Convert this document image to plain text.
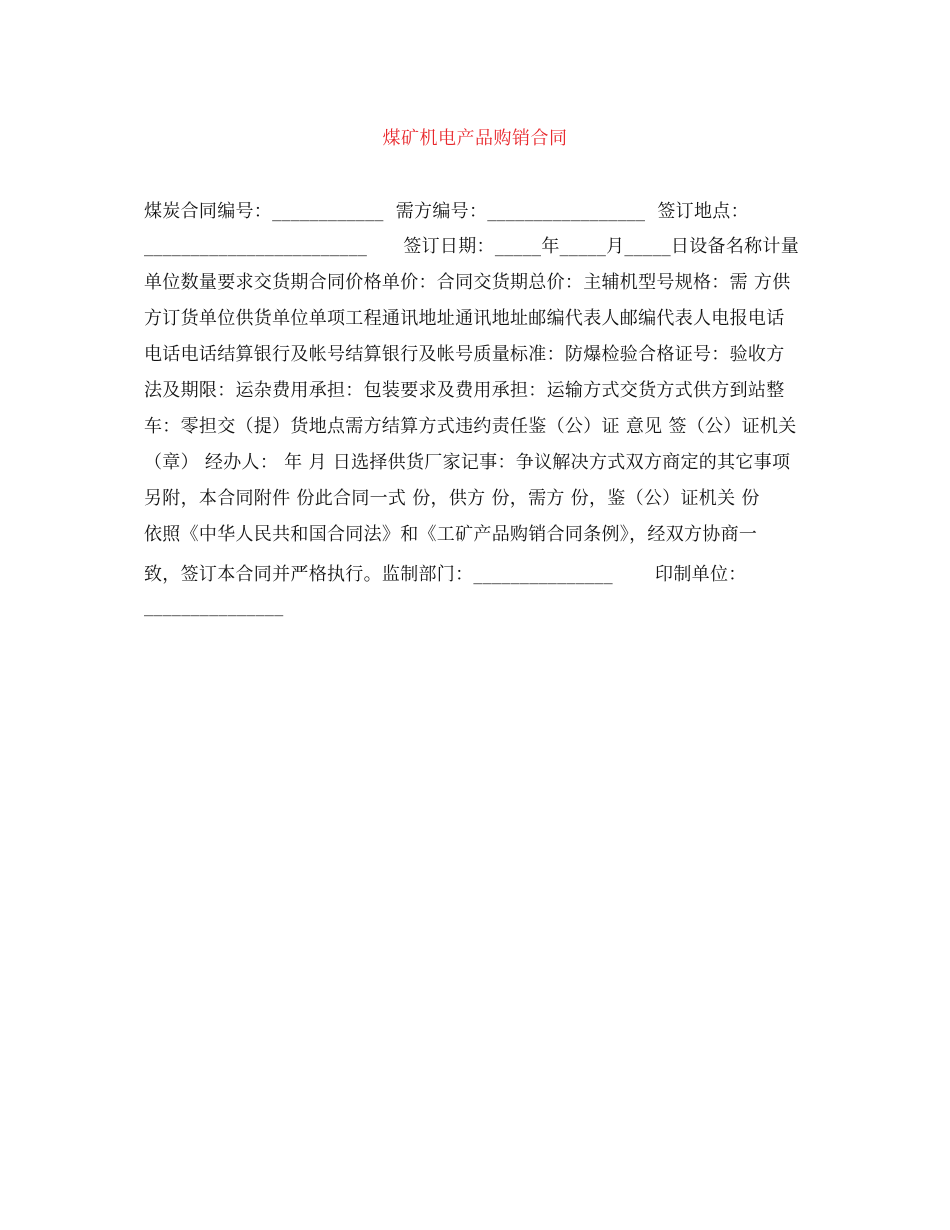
煤矿机电产品购销合同
煤炭合同编号：____________  需方编号：_________________  签订地点：
________________________      签订日期：_____年_____月_____日设备名称计量
单位数量要求交货期合同价格单价：合同交货期总价：主辅机型号规格：需 方供
方订货单位供货单位单项工程通讯地址通讯地址邮编代表人邮编代表人电报电话
电话电话结算银行及帐号结算银行及帐号质量标准：防爆检验合格证号：验收方
法及期限：运杂费用承担：包装要求及费用承担：运输方式交货方式供方到站整
车：零担交（提）货地点需方结算方式违约责任鉴（公）证 意见 签（公）证机关
（章） 经办人： 年 月 日选择供货厂家记事：争议解决方式双方商定的其它事项
另附，本合同附件 份此合同一式 份，供方 份，需方 份，鉴（公）证机关 份
依照《中华人民共和国合同法》和《工矿产品购销合同条例》，经双方协商一
致，签订本合同并严格执行。监制部门：_______________       印制单位：
_______________
